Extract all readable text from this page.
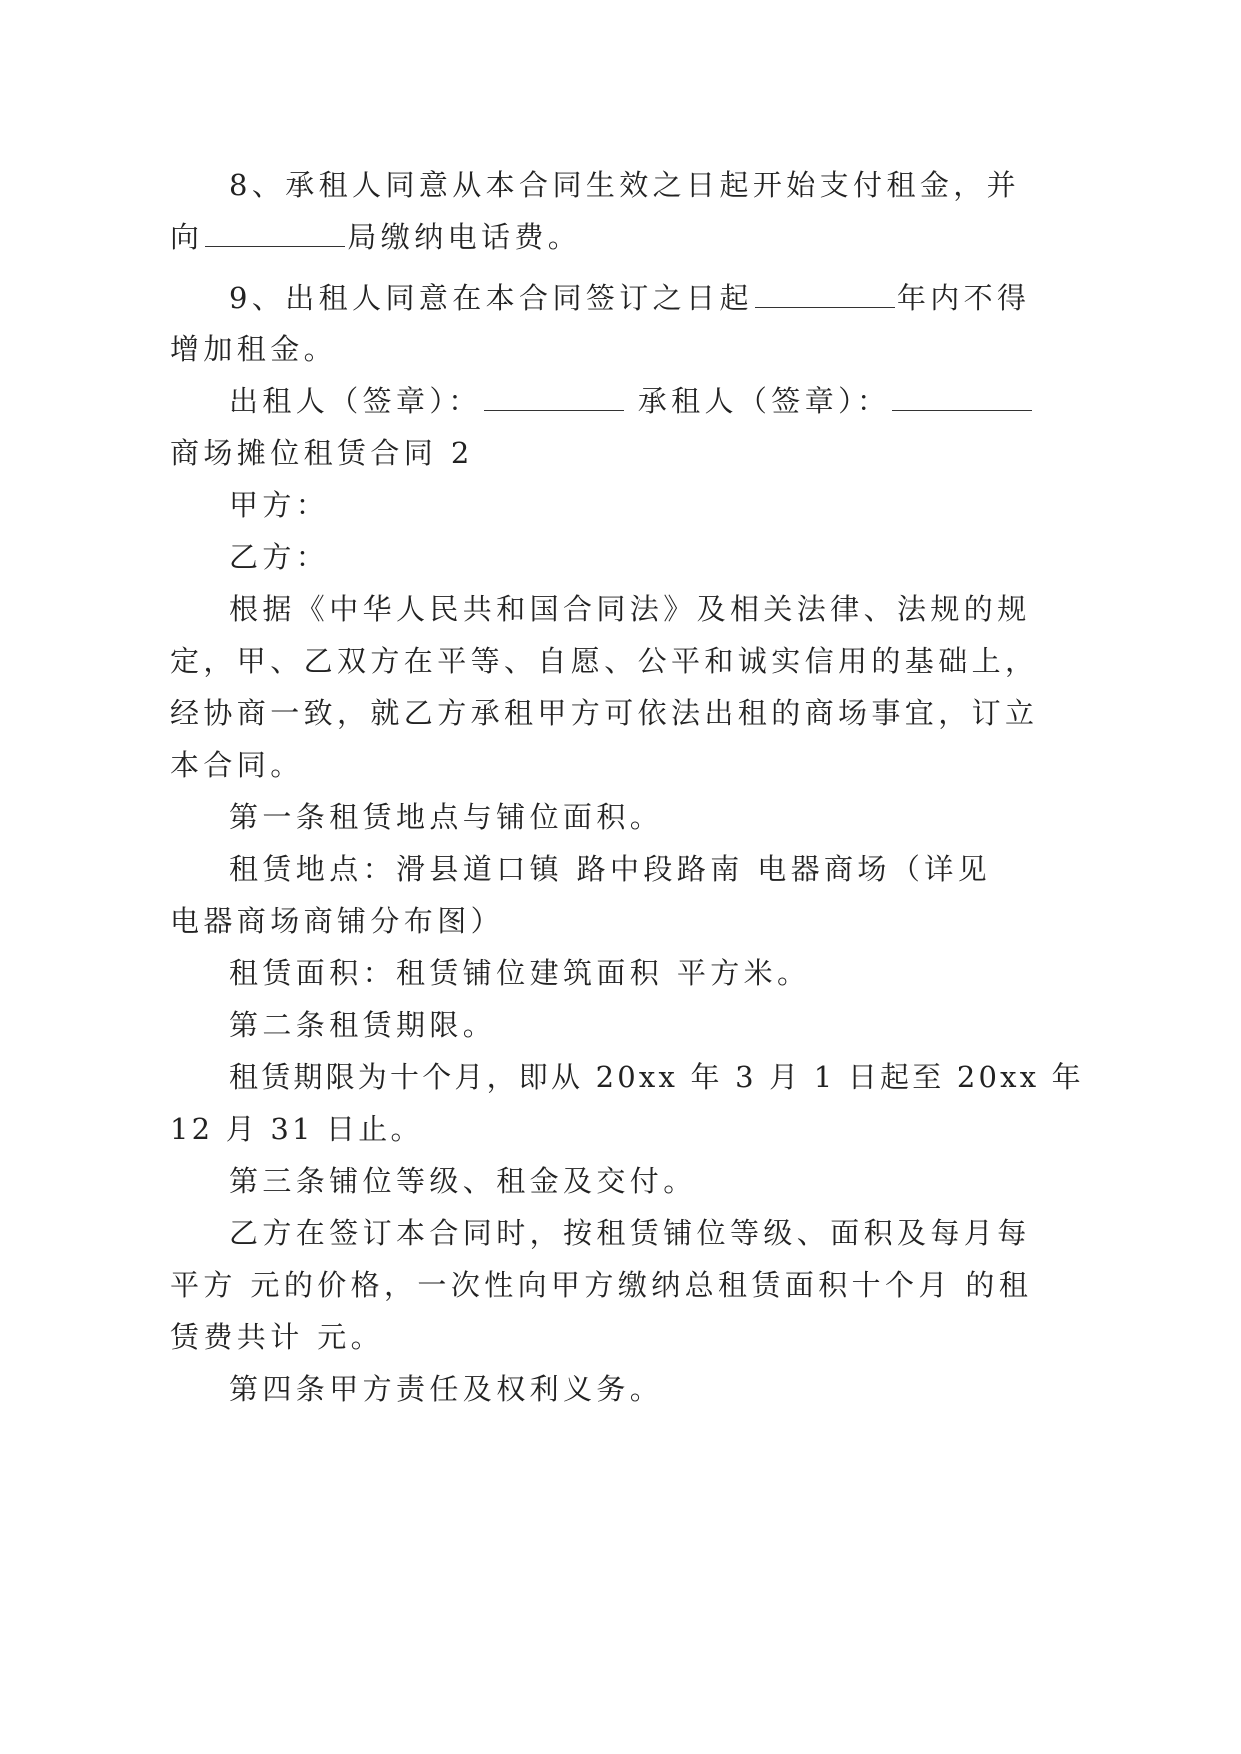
8、承租人同意从本合同生效之日起开始支付租金，并
向	局缴纳电话费。
9、出租人同意在本合同签订之日起	年内不得
增加租金。
出租人（签章）：	承租人（签章）：
商场摊位租赁合同 2
甲方：
乙方：
根据《中华人民共和国合同法》及相关法律、法规的规
定，甲、乙双方在平等、自愿、公平和诚实信用的基础上，
经协商一致，就乙方承租甲方可依法出租的商场事宜，订立
本合同。
第一条租赁地点与铺位面积。
租赁地点：滑县道口镇 路中段路南 电器商场（详见
电器商场商铺分布图）
租赁面积：租赁铺位建筑面积 平方米。
第二条租赁期限。
租赁期限为十个月，即从 20xx 年 3 月 1 日起至 20xx 年
12 月 31 日止。
第三条铺位等级、租金及交付。
乙方在签订本合同时，按租赁铺位等级、面积及每月每
平方 元的价格，一次性向甲方缴纳总租赁面积十个月 的租
赁费共计 元。
第四条甲方责任及权利义务。
